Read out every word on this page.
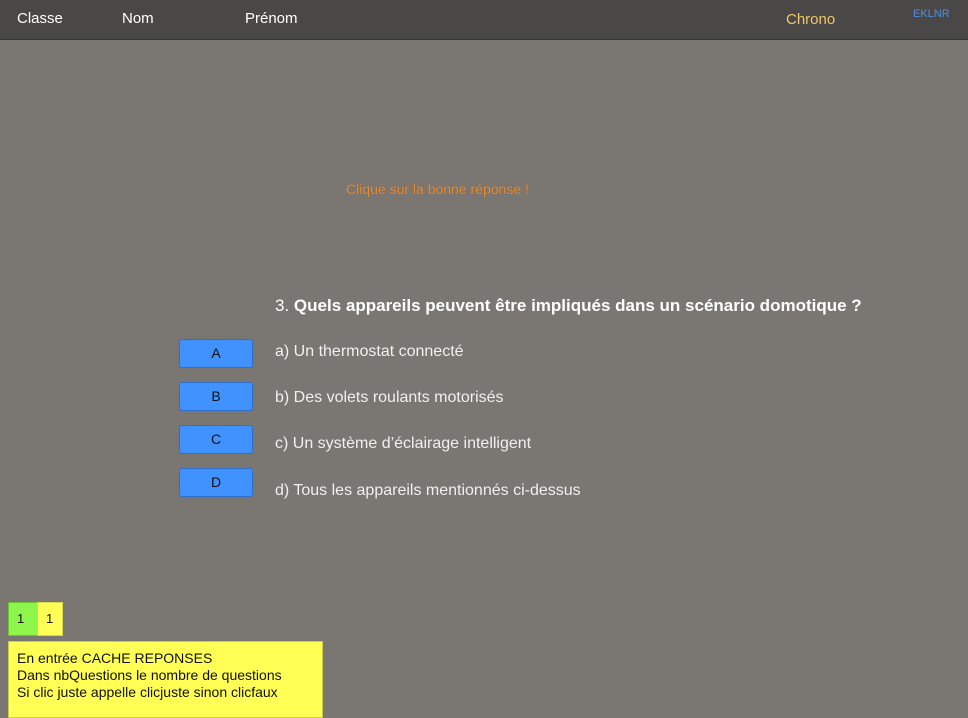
Classe	Nom	Prénom	Chrono	EKLNR
Clique sur la bonne réponse !
3. Quels appareils peuvent être impliqués dans un scénario domotique ?
A	a) Un thermostat connecté
B	b) Des volets roulants motorisés
C	c) Un système d’éclairage intelligent
D	d) Tous les appareils mentionnés ci-dessus
1	1
En entrée CACHE REPONSES
Dans nbQuestions le nombre de questions
Si clic juste appelle clicjuste sinon clicfaux
